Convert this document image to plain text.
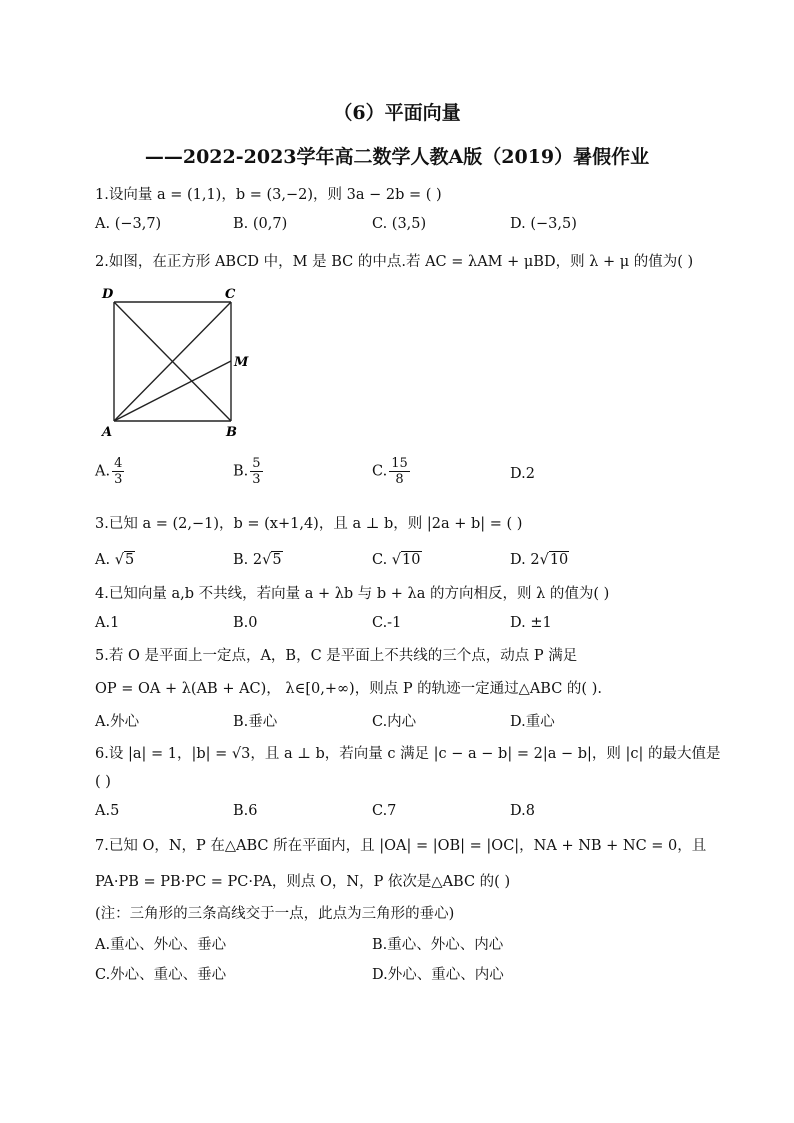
（6）平面向量
——2022-2023学年高二数学人教A版（2019）暑假作业
1.设向量 a = (1,1)，b = (3,−2)，则 3a − 2b = ( )
A. (−3,7)	B. (0,7)	C. (3,5)	D. (−3,5)
2.如图，在正方形 ABCD 中，M 是 BC 的中点.若 AC = λAM + μBD，则 λ + μ 的值为( )
D	C
M
A	B
A. $\frac{4}{3}$	B. $\frac{5}{3}$	C. $\frac{15}{8}$	D.2
3.已知 a = (2,−1)，b = (x+1,4)，且 a ⊥ b，则 |2a + b| = ( )
A. √5	B. 2√5	C. √10	D. 2√10
4.已知向量 a,b 不共线，若向量 a + λb 与 b + λa 的方向相反，则 λ 的值为( )
A.1	B.0	C.-1	D. ±1
5.若 O 是平面上一定点，A，B，C 是平面上不共线的三个点，动点 P 满足
OP = OA + λ(AB + AC)， λ∈[0,+∞)，则点 P 的轨迹一定通过△ABC 的( ).
A.外心	B.垂心	C.内心	D.重心
6.设 |a| = 1，|b| = √3，且 a ⊥ b，若向量 c 满足 |c − a − b| = 2|a − b|，则 |c| 的最大值是
( )
A.5	B.6	C.7	D.8
7.已知 O，N，P 在△ABC 所在平面内，且 |OA| = |OB| = |OC|，NA + NB + NC = 0，且
PA·PB = PB·PC = PC·PA，则点 O，N，P 依次是△ABC 的( )
(注：三角形的三条高线交于一点，此点为三角形的垂心)
A.重心、外心、垂心	B.重心、外心、内心
C.外心、重心、垂心	D.外心、重心、内心
